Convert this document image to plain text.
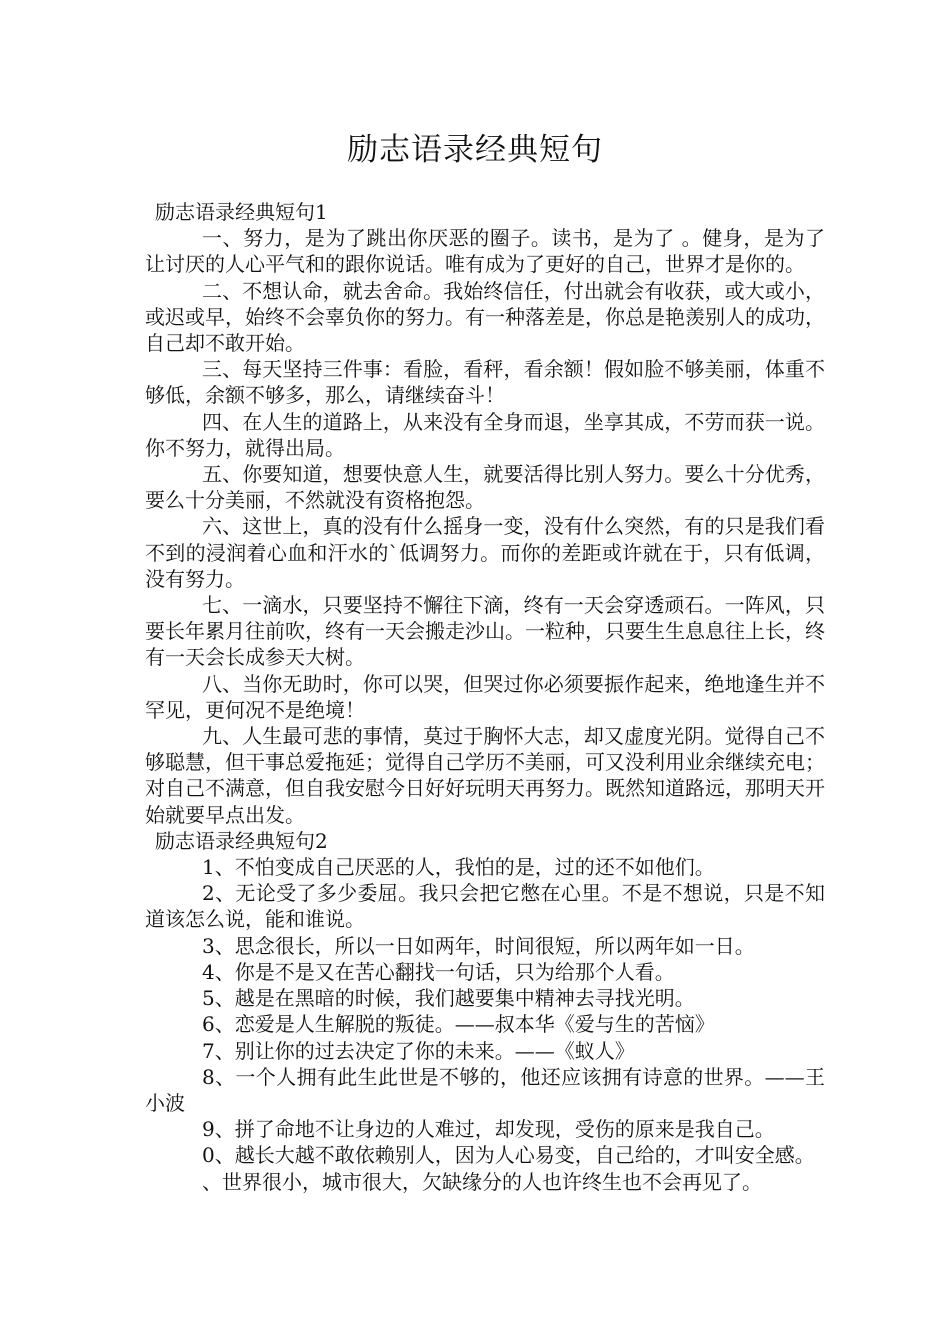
励志语录经典短句

励志语录经典短句1

一、努力，是为了跳出你厌恶的圈子。读书，是为了 。健身，是为了让讨厌的人心平气和的跟你说话。唯有成为了更好的自己，世界才是你的。

二、不想认命，就去舍命。我始终信任，付出就会有收获，或大或小，或迟或早，始终不会辜负你的努力。有一种落差是，你总是艳羡别人的成功，自己却不敢开始。

三、每天坚持三件事：看脸，看秤，看余额！假如脸不够美丽，体重不够低，余额不够多，那么，请继续奋斗！

四、在人生的道路上，从来没有全身而退，坐享其成，不劳而获一说。你不努力，就得出局。

五、你要知道，想要快意人生，就要活得比别人努力。要么十分优秀，要么十分美丽，不然就没有资格抱怨。

六、这世上，真的没有什么摇身一变，没有什么突然，有的只是我们看不到的浸润着心血和汗水的`低调努力。而你的差距或许就在于，只有低调，没有努力。

七、一滴水，只要坚持不懈往下滴，终有一天会穿透顽石。一阵风，只要长年累月往前吹，终有一天会搬走沙山。一粒种，只要生生息息往上长，终有一天会长成参天大树。

八、当你无助时，你可以哭，但哭过你必须要振作起来，绝地逢生并不罕见，更何况不是绝境！

九、人生最可悲的事情，莫过于胸怀大志，却又虚度光阴。觉得自己不够聪慧，但干事总爱拖延；觉得自己学历不美丽，可又没利用业余继续充电；对自己不满意，但自我安慰今日好好玩明天再努力。既然知道路远，那明天开始就要早点出发。

励志语录经典短句2

1、不怕变成自己厌恶的人，我怕的是，过的还不如他们。

2、无论受了多少委屈。我只会把它憋在心里。不是不想说，只是不知道该怎么说，能和谁说。

3、思念很长，所以一日如两年，时间很短，所以两年如一日。

4、你是不是又在苦心翻找一句话，只为给那个人看。

5、越是在黑暗的时候，我们越要集中精神去寻找光明。

6、恋爱是人生解脱的叛徒。——叔本华《爱与生的苦恼》

7、别让你的过去决定了你的未来。——《蚁人》

8、一个人拥有此生此世是不够的，他还应该拥有诗意的世界。——王小波

9、拼了命地不让身边的人难过，却发现，受伤的原来是我自己。

0、越长大越不敢依赖别人，因为人心易变，自己给的，才叫安全感。

、世界很小，城市很大，欠缺缘分的人也许终生也不会再见了。
